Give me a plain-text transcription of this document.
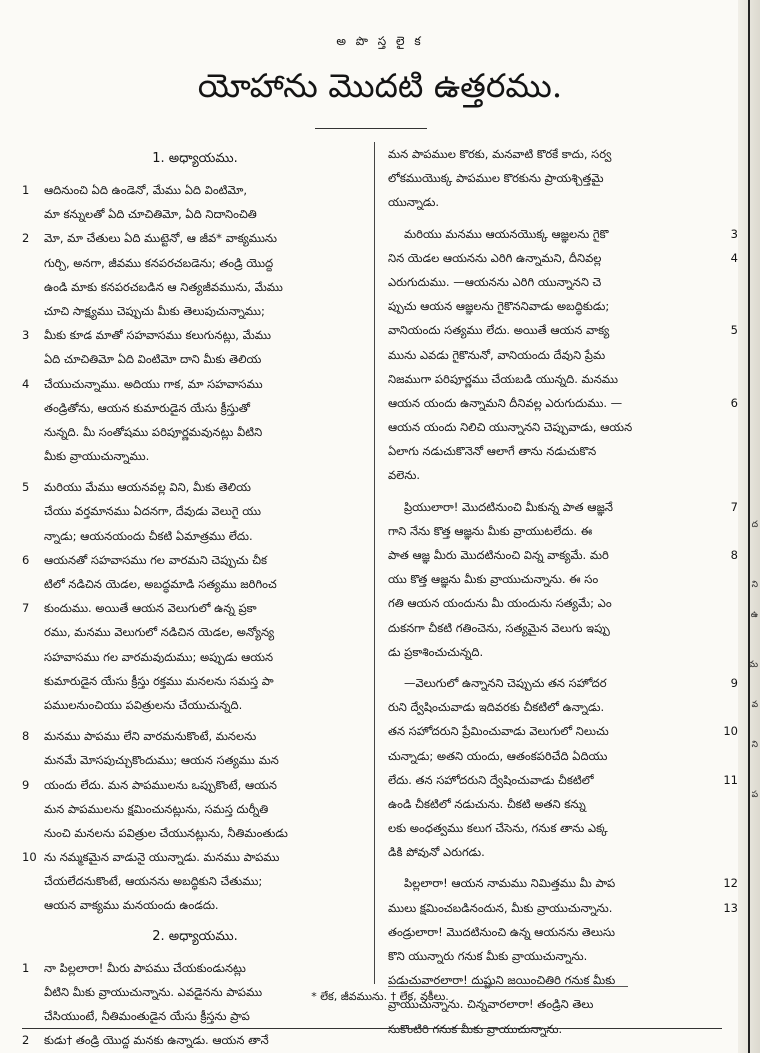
అ పొ స్త లై క
యోహాను మొదటి ఉత్తరము.
1. అధ్యాయము.
1 ఆదినుంచి ఏది ఉండెనో, మేము ఏది వింటిమో,
మా కన్నులతో ఏది చూచితిమో, ఏది నిదానించితి
2 మో, మా చేతులు ఏది ముట్టెనో, ఆ జీవ* వాక్యమును
గుర్చి, అనగా, జీవము కనపరచబడెను; తండ్రి యొద్ద
ఉండి మాకు కనపరచబడిన ఆ నిత్యజీవమును, మేము
చూచి సాక్ష్యము చెప్పుచు మీకు తెలుపుచున్నాము;
3 మీకు కూడ మాతో సహవాసము కలుగునట్లు, మేము
ఏది చూచితిమో ఏది వింటిమో దాని మీకు తెలియ
4 చేయుచున్నాము. అదియు గాక, మా సహవాసము
తండ్రితోను, ఆయన కుమారుడైన యేసు క్రీస్తుతో
నున్నది. మీ సంతోషము పరిపూర్ణమవునట్లు వీటిని
మీకు వ్రాయుచున్నాము.
5 మరియు మేము ఆయనవల్ల విని, మీకు తెలియ
చేయు వర్తమానము ఏదనగా, దేవుడు వెలుగై యు
న్నాడు; ఆయనయందు చీకటి ఏమాత్రము లేదు.
6 ఆయనతో సహవాసము గల వారమని చెప్పుచు చీక
టిలో నడిచిన యెడల, అబద్ధమాడి సత్యము జరిగించ
7 కుందుము. అయితే ఆయన వెలుగులో ఉన్న ప్రకా
రము, మనము వెలుగులో నడిచిన యెడల, అన్యోన్య
సహవాసము గల వారమవుదుము; అప్పుడు ఆయన
కుమారుడైన యేసు క్రీస్తు రక్తము మనలను సమస్త పా
పములనుంచియు పవిత్రులను చేయుచున్నది.
8 మనము పాపము లేని వారమనుకొంటే, మనలను
మనమే మోసపుచ్చుకొందుము; ఆయన సత్యము మన
9 యందు లేదు. మన పాపములను ఒప్పుకొంటే, ఆయన
మన పాపములను క్షమించునట్లును, సమస్త దుర్నీతి
నుంచి మనలను పవిత్రుల చేయునట్లును, నీతిమంతుడు
10 ను నమ్మకమైన వాడునై యున్నాడు. మనము పాపము
చేయలేదనుకొంటే, ఆయనను అబద్ధికుని చేతుము;
ఆయన వాక్యము మనయందు ఉండదు.
2. అధ్యాయము.
1 నా పిల్లలారా! మీరు పాపము చేయకుండునట్లు
వీటిని మీకు వ్రాయుచున్నాను. ఎవడైనను పాపము
చేసియుంటే, నీతిమంతుడైన యేసు క్రీస్తను ప్రాప
2 కుడు† తండ్రి యొద్ద మనకు ఉన్నాడు. ఆయన తానే
మన పాపముల కొరకు, మనవాటి కొరకే కాదు, సర్వ
లోకముయొక్క పాపముల కొరకును ప్రాయశ్చిత్తమై
యున్నాడు.
మరియు మనము ఆయనయొక్క ఆజ్ఞలను గైకొ	3
నిన యెడల ఆయనను ఎరిగి ఉన్నామని, దీనివల్ల	4
ఎరుగుదుము. —ఆయనను ఎరిగి యున్నానని చె
ప్పుచు ఆయన ఆజ్ఞలను గైకొననివాడు అబద్ధికుడు;
వానియందు సత్యము లేదు. అయితే ఆయన వాక్య	5
మును ఎవడు గైకొనునో, వానియందు దేవుని ప్రేమ
నిజముగా పరిపూర్ణము చేయబడి యున్నది. మనము
ఆయన యందు ఉన్నామని దీనివల్ల ఎరుగుదుము. —	6
ఆయన యందు నిలిచి యున్నానని చెప్పువాడు, ఆయన
ఏలాగు నడుచుకొనెనో ఆలాగే తాను నడుచుకొన
వలెను.
ప్రియులారా! మొదటినుంచి మీకున్న పాత ఆజ్ఞనే	7
గాని నేను కొత్త ఆజ్ఞను మీకు వ్రాయుటలేదు. ఈ
పాత ఆజ్ఞ మీరు మొదటినుంచి విన్న వాక్యమే. మరి	8
యు కొత్త ఆజ్ఞను మీకు వ్రాయుచున్నాను. ఈ సం
గతి ఆయన యందును మీ యందును సత్యమే; ఎం
దుకనగా చీకటి గతించెను, సత్యమైన వెలుగు ఇప్పు
డు ప్రకాశించుచున్నది.
—వెలుగులో ఉన్నానని చెప్పుచు తన సహోదర	9
రుని ద్వేషించువాడు ఇదివరకు చీకటిలో ఉన్నాడు.
తన సహోదరుని ప్రేమించువాడు వెలుగులో నిలుచు	10
చున్నాడు; అతని యందు, ఆతంకపరిచేది ఏదియు
లేదు. తన సహోదరుని ద్వేషించువాడు చీకటిలో	11
ఉండి చీకటిలో నడుచును. చీకటి అతని కన్ను
లకు అంధత్వము కలుగ చేసెను, గనుక తాను ఎక్క
డికి పోవునో ఎరుగడు.
పిల్లలారా! ఆయన నామము నిమిత్తము మీ పాప	12
ములు క్షమించబడినందున, మీకు వ్రాయుచున్నాను.	13
తండ్రులారా! మొదటినుంచి ఉన్న ఆయనను తెలుసు
కొని యున్నారు గనుక మీకు వ్రాయుచున్నాను.
పడుచువారలారా! దుష్టుని జయించితిరి గనుక మీకు
వ్రాయుచున్నాను. చిన్నవారలారా! తండ్రిని తెలు
సుకొంటిరి గనుక మీకు వ్రాయుచున్నాను.
* లేక, జీవమును. † లేక, వకీలు.
ద
ని
ఉ
మ
వ
ని
ప
